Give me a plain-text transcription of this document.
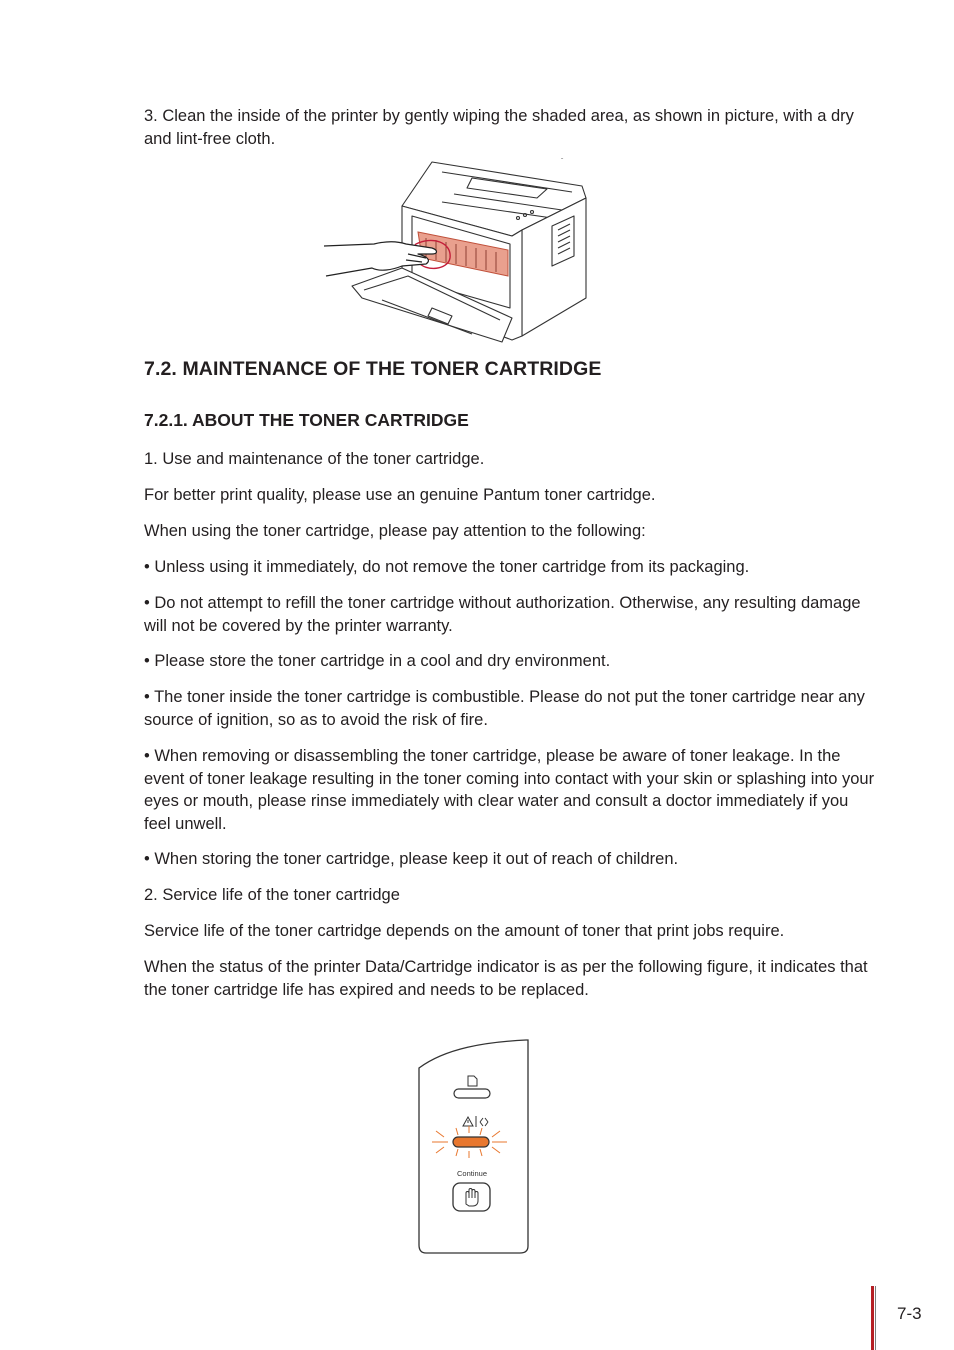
3. Clean the inside of the printer by gently wiping the shaded area, as shown in picture, with a dry and lint-free cloth.

7.2. MAINTENANCE OF THE TONER CARTRIDGE
7.2.1. ABOUT THE TONER CARTRIDGE

1. Use and maintenance of the toner cartridge.

For better print quality, please use an genuine Pantum toner cartridge.

When using the toner cartridge, please pay attention to the following:

• Unless using it immediately, do not remove the toner cartridge from its packaging.

• Do not attempt to refill the toner cartridge without authorization. Otherwise, any resulting damage will not be covered by the printer warranty.

• Please store the toner cartridge in a cool and dry environment.

• The toner inside the toner cartridge is combustible. Please do not put the toner cartridge near any source of ignition, so as to avoid the risk of fire.

• When removing or disassembling the toner cartridge, please be aware of toner leakage. In the event of toner leakage resulting in the toner coming into contact with your skin or splashing into your eyes or mouth, please rinse immediately with clear water and consult a doctor immediately if you feel unwell.

• When storing the toner cartridge, please keep it out of reach of children.

2. Service life of the toner cartridge

Service life of the toner cartridge depends on the amount of toner that print jobs require.

When the status of the printer Data/Cartridge indicator is as per the following figure, it indicates that the toner cartridge life has expired and needs to be replaced.

Continue
7-3
